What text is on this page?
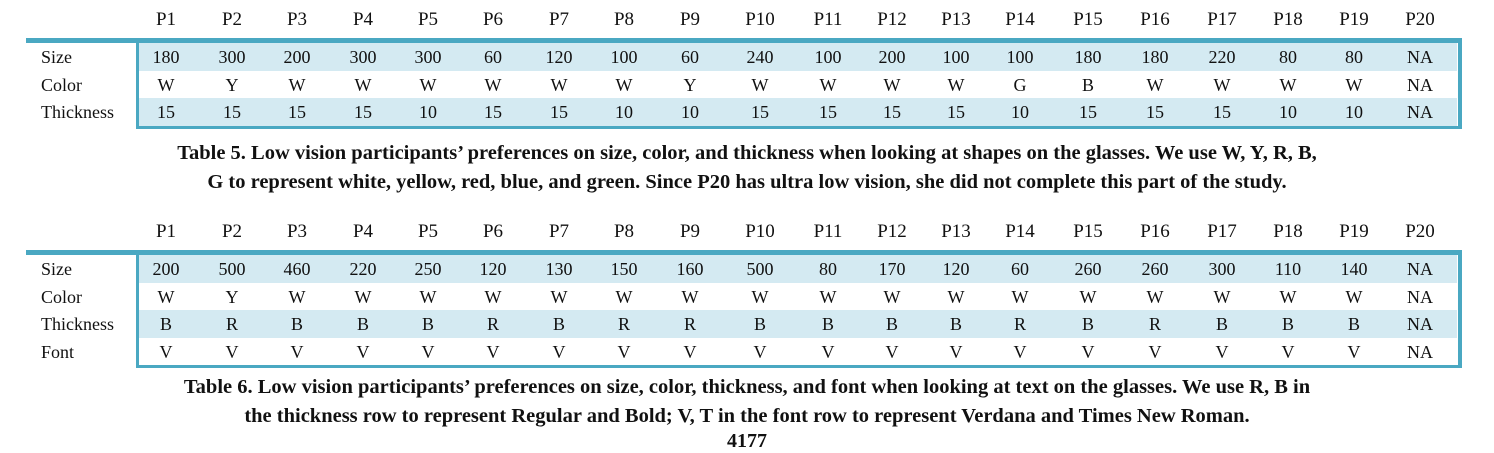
P1	P2	P3	P4	P5	P6	P7	P8	P9	P10	P11	P12	P13	P14	P15	P16	P17	P18	P19	P20
Size	180	300	200	300	300	60	120	100	60	240	100	200	100	100	180	180	220	80	80	NA
Color	W	Y	W	W	W	W	W	W	Y	W	W	W	W	G	B	W	W	W	W	NA
Thickness	15	15	15	15	10	15	15	10	10	15	15	15	15	10	15	15	15	10	10	NA
Table 5. Low vision participants’ preferences on size, color, and thickness when looking at shapes on the glasses. We use W, Y, R, B,
G to represent white, yellow, red, blue, and green. Since P20 has ultra low vision, she did not complete this part of the study.
P1	P2	P3	P4	P5	P6	P7	P8	P9	P10	P11	P12	P13	P14	P15	P16	P17	P18	P19	P20
Size	200	500	460	220	250	120	130	150	160	500	80	170	120	60	260	260	300	110	140	NA
Color	W	Y	W	W	W	W	W	W	W	W	W	W	W	W	W	W	W	W	W	NA
Thickness	B	R	B	B	B	R	B	R	R	B	B	B	B	R	B	R	B	B	B	NA
Font	V	V	V	V	V	V	V	V	V	V	V	V	V	V	V	V	V	V	V	NA
Table 6. Low vision participants’ preferences on size, color, thickness, and font when looking at text on the glasses. We use R, B in
the thickness row to represent Regular and Bold; V, T in the font row to represent Verdana and Times New Roman.
4177
